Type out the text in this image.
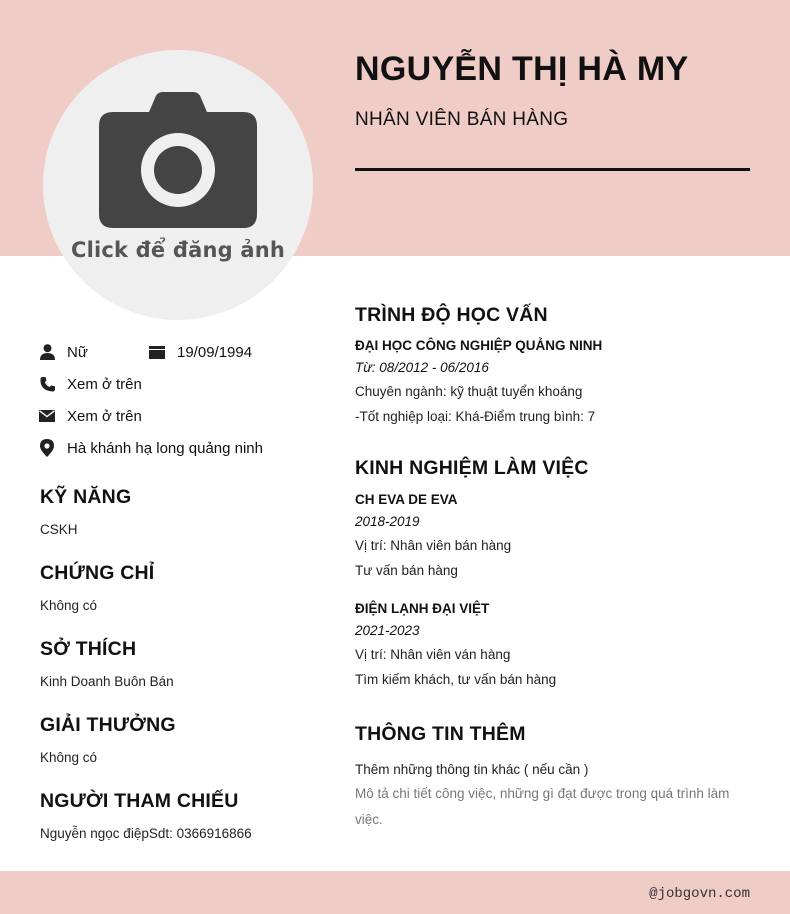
Click để đăng ảnh
NGUYỄN THỊ HÀ MY
NHÂN VIÊN BÁN HÀNG
Nữ	19/09/1994
Xem ở trên
Xem ở trên
Hà khánh hạ long quảng ninh
KỸ NĂNG
CSKH
CHỨNG CHỈ
Không có
SỞ THÍCH
Kinh Doanh Buôn Bán
GIẢI THƯỞNG
Không có
NGƯỜI THAM CHIẾU
Nguyễn ngọc điệpSdt: 0366916866
TRÌNH ĐỘ HỌC VẤN
ĐẠI HỌC CÔNG NGHIỆP QUẢNG NINH
Từ: 08/2012 - 06/2016
Chuyên ngành: kỹ thuật tuyển khoáng
-Tốt nghiệp loại: Khá-Điểm trung bình: 7
KINH NGHIỆM LÀM VIỆC
CH EVA DE EVA
2018-2019
Vị trí: Nhân viên bán hàng
Tư vấn bán hàng
ĐIỆN LẠNH ĐẠI VIỆT
2021-2023
Vị trí: Nhân viên ván hàng
Tìm kiếm khách, tư vấn bán hàng
THÔNG TIN THÊM
Thêm những thông tin khác ( nếu cần )
Mô tả chi tiết công việc, những gì đạt được trong quá trình làm việc.
@jobgovn.com
